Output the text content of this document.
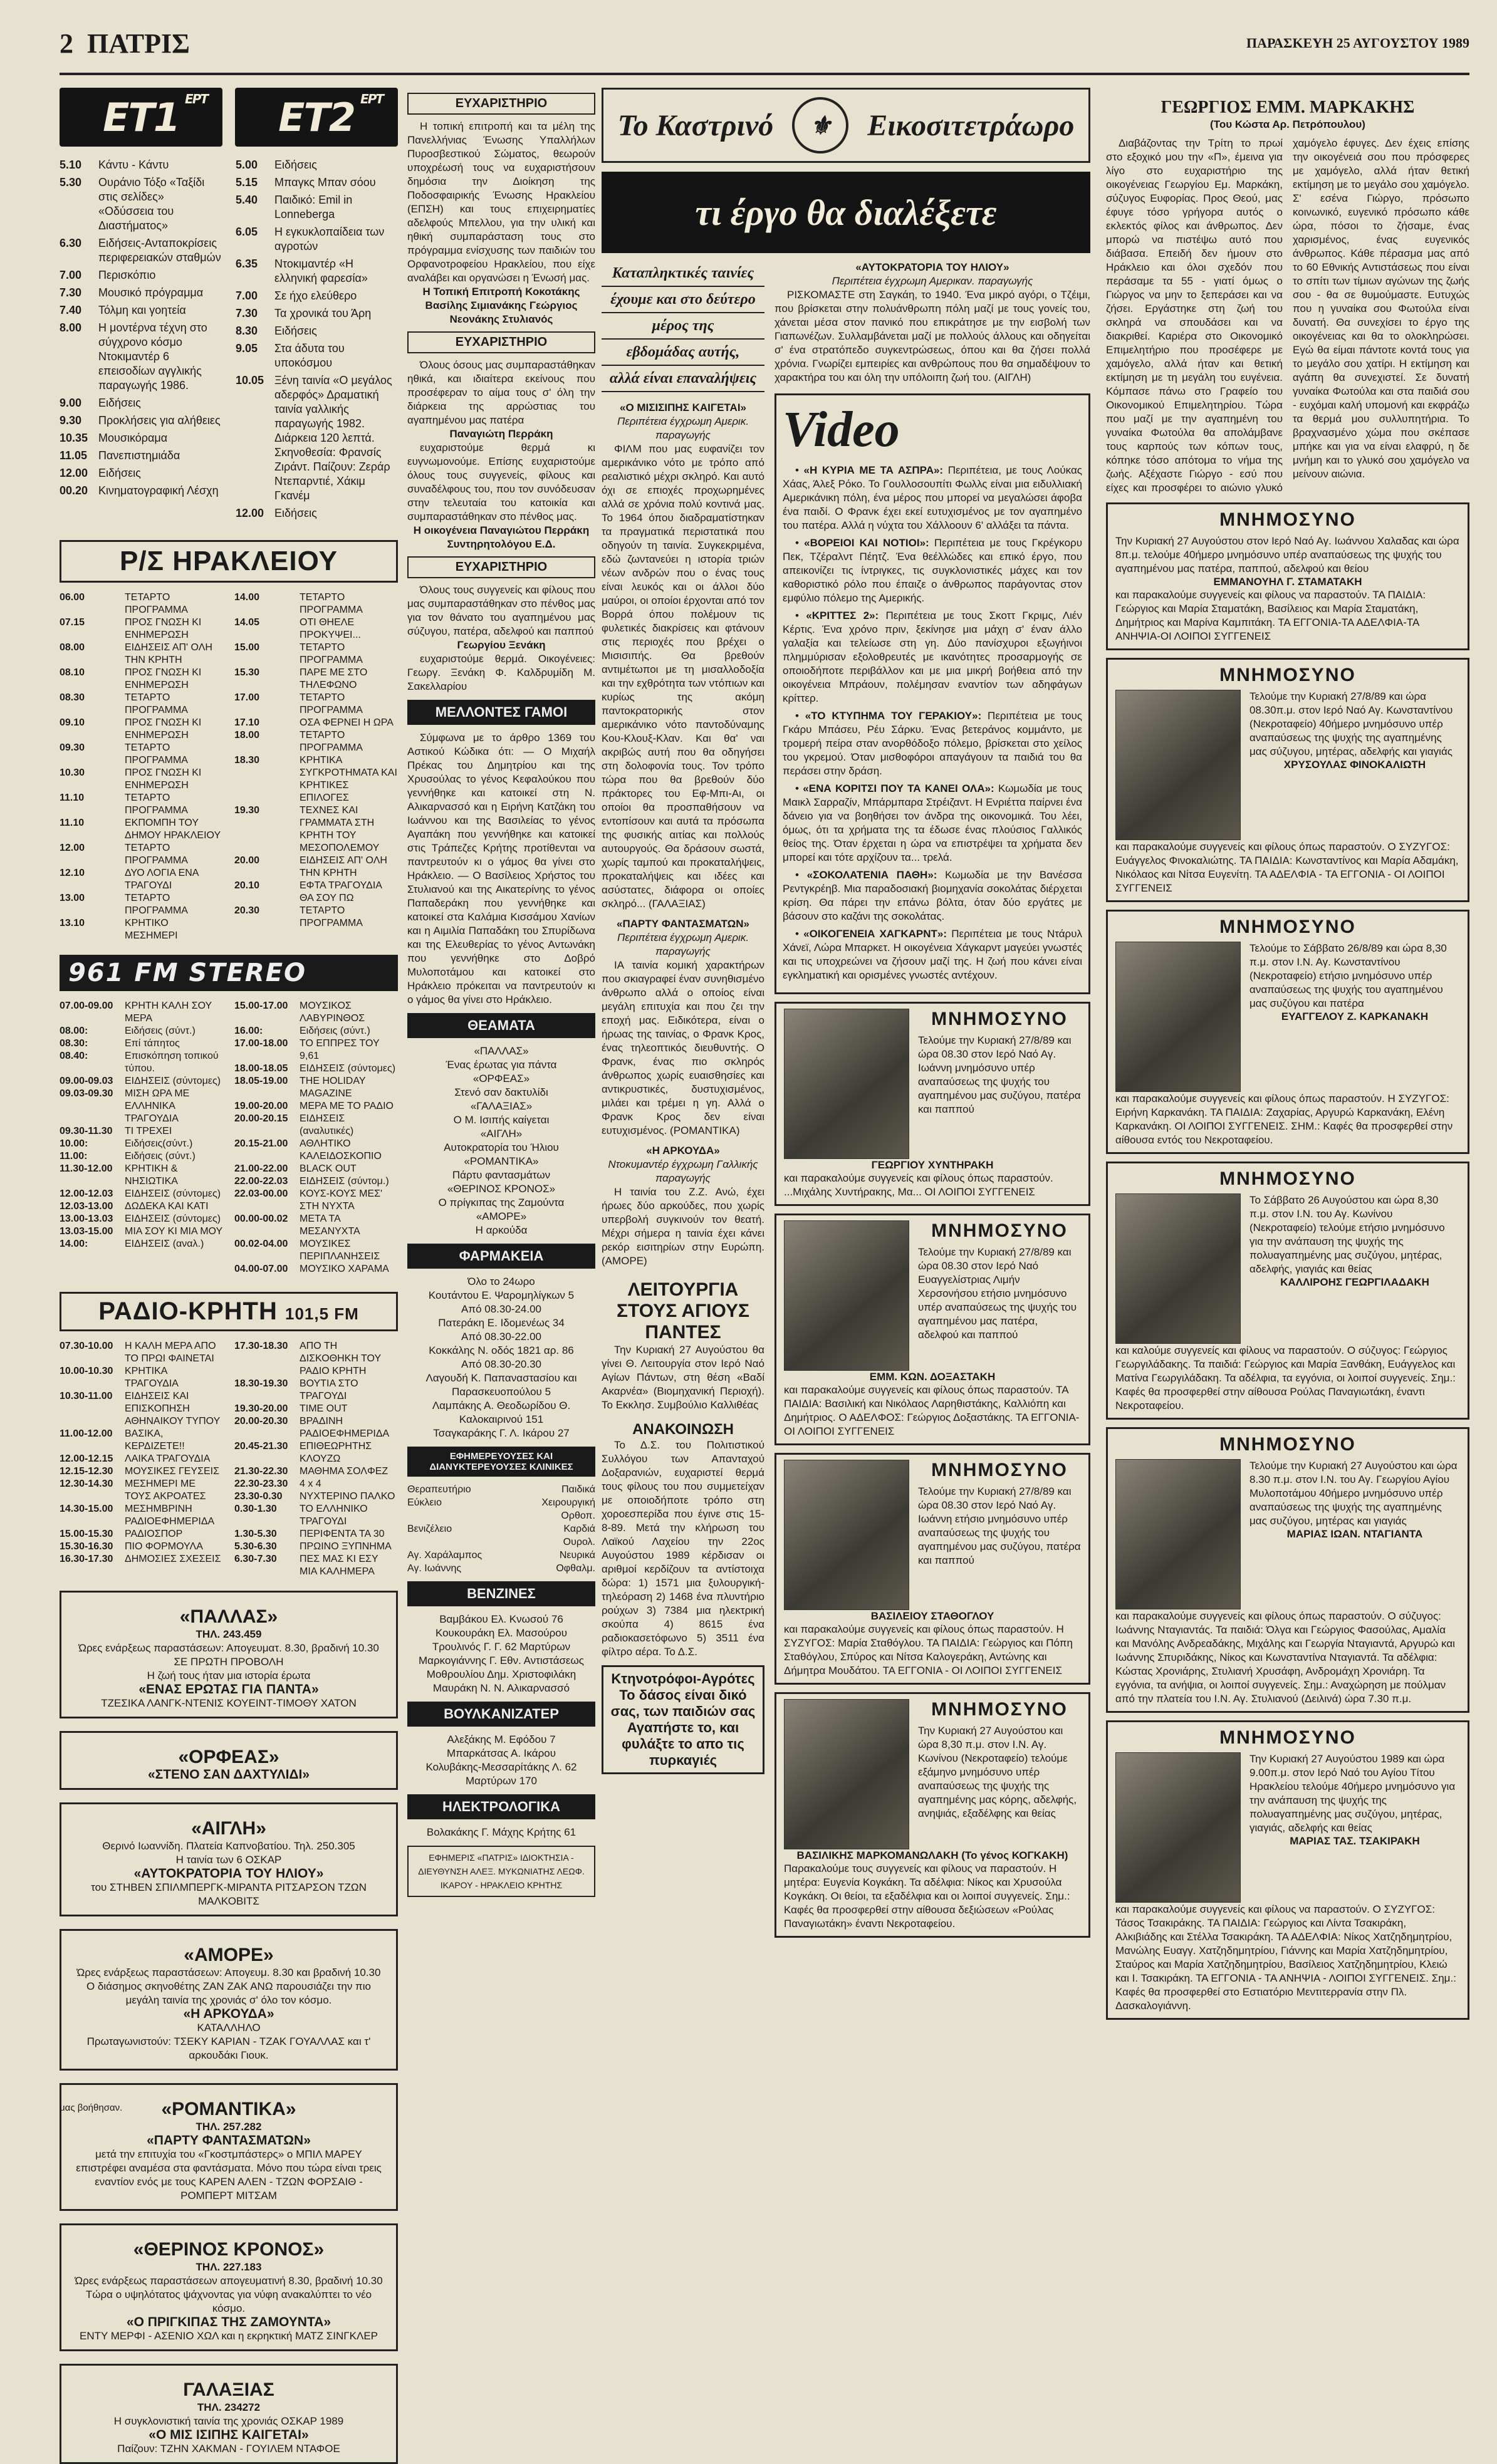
2 ΠΑΤΡΙΣ	ΠΑΡΑΣΚΕΥΗ 25 ΑΥΓΟΥΣΤΟΥ 1989
ΕΡΤ
ΕΤ1	ΕΡΤ
ΕΤ2
5.10	Κάντυ - Κάντυ
5.30	Ουράνιο Τόξο «Ταξίδι στις σελίδες» «Οδύσσεια του Διαστήματος»
6.30	Ειδήσεις-Ανταποκρίσεις περιφερειακών σταθμών
7.00	Περισκόπιο
7.30	Μουσικό πρόγραμμα
7.40	Τόλμη και γοητεία
8.00	Η μοντέρνα τέχνη στο σύγχρονο κόσμο Ντοκιμαντέρ 6 επεισοδίων αγγλικής παραγωγής 1986.
9.00	Ειδήσεις
9.30	Προκλήσεις για αλήθειες
10.35 Μουσικόραμα
11.05 Πανεπιστημιάδα
12.00 Ειδήσεις
00.20 Κινηματογραφική Λέσχη
5.00	Ειδήσεις
5.15	Μπαγκς Μπαν σόου
5.40	Παιδικό: Emil in Lonneberga
6.05	Η εγκυκλοπαίδεια των αγροτών
6.35	Ντοκιμαντέρ «Η ελληνική φαρεσία»
7.00	Σε ήχο ελεύθερο
7.30	Τα χρονικά του Άρη
8.30	Ειδήσεις
9.05	Στα άδυτα του υποκόσμου
10.05 Ξένη ταινία «Ο μεγάλος αδερφός» Δραματική ταινία γαλλικής παραγωγής 1982. Διάρκεια 120 λεπτά. Σκηνοθεσία: Φρανσίς Ζιράντ. Παίζουν: Ζεράρ Ντεπαρντιέ, Χάκιμ Γκανέμ
12.00 Ειδήσεις
Ρ/Σ ΗΡΑΚΛΕΙΟΥ
06.00	ΤΕΤΑΡΤΟ ΠΡΟΓΡΑΜΜΑ
07.15	ΠΡΟΣ ΓΝΩΣΗ ΚΙ ΕΝΗΜΕΡΩΣΗ
08.00	ΕΙΔΗΣΕΙΣ ΑΠ' ΟΛΗ ΤΗΝ ΚΡΗΤΗ
08.10	ΠΡΟΣ ΓΝΩΣΗ ΚΙ ΕΝΗΜΕΡΩΣΗ
08.30	ΤΕΤΑΡΤΟ ΠΡΟΓΡΑΜΜΑ
09.10	ΠΡΟΣ ΓΝΩΣΗ ΚΙ ΕΝΗΜΕΡΩΣΗ
09.30	ΤΕΤΑΡΤΟ ΠΡΟΓΡΑΜΜΑ
10.30	ΠΡΟΣ ΓΝΩΣΗ ΚΙ ΕΝΗΜΕΡΩΣΗ
11.10	ΤΕΤΑΡΤΟ ΠΡΟΓΡΑΜΜΑ
11.10	ΕΚΠΟΜΠΗ ΤΟΥ ΔΗΜΟΥ ΗΡΑΚΛΕΙΟΥ
12.00	ΤΕΤΑΡΤΟ ΠΡΟΓΡΑΜΜΑ
12.10	ΔΥΟ ΛΟΓΙΑ ΕΝΑ ΤΡΑΓΟΥΔΙ
13.00	ΤΕΤΑΡΤΟ ΠΡΟΓΡΑΜΜΑ
13.10	ΚΡΗΤΙΚΟ ΜΕΣΗΜΕΡΙ
14.00	ΤΕΤΑΡΤΟ ΠΡΟΓΡΑΜΜΑ
14.05	ΟΤΙ ΘΗΕΛΕ ΠΡΟΚΥΨΕΙ...
15.00	ΤΕΤΑΡΤΟ ΠΡΟΓΡΑΜΜΑ
15.30	ΠΑΡΕ ΜΕ ΣΤΟ ΤΗΛΕΦΩΝΟ
17.00	ΤΕΤΑΡΤΟ ΠΡΟΓΡΑΜΜΑ
17.10	ΟΣΑ ΦΕΡΝΕΙ Η ΩΡΑ
18.00	ΤΕΤΑΡΤΟ ΠΡΟΓΡΑΜΜΑ
18.30	ΚΡΗΤΙΚΑ ΣΥΓΚΡΟΤΗΜΑΤΑ ΚΑΙ ΚΡΗΤΙΚΕΣ ΕΠΙΛΟΓΕΣ
19.30	ΤΕΧΝΕΣ ΚΑΙ ΓΡΑΜΜΑΤΑ ΣΤΗ ΚΡΗΤΗ ΤΟΥ ΜΕΣΟΠΟΛΕΜΟΥ
20.00	ΕΙΔΗΣΕΙΣ ΑΠ' ΟΛΗ ΤΗΝ ΚΡΗΤΗ
20.10	ΕΦΤΑ ΤΡΑΓΟΥΔΙΑ ΘΑ ΣΟΥ ΠΩ
20.30	ΤΕΤΑΡΤΟ ΠΡΟΓΡΑΜΜΑ
961 FM STEREO
07.00-09.00	ΚΡΗΤΗ ΚΑΛΗ ΣΟΥ ΜΕΡΑ
08.00:	Ειδήσεις (σύντ.)
08.30:	Επί τάπητος
08.40:	Επισκόπηση τοπικού τύπου.
09.00-09.03	ΕΙΔΗΣΕΙΣ (σύντομες)
09.03-09.30	ΜΙΣΗ ΩΡΑ ΜΕ ΕΛΛΗΝΙΚΑ ΤΡΑΓΟΥΔΙΑ
09.30-11.30	ΤΙ ΤΡΕΧΕΙ
10.00:	Ειδήσεις(σύντ.)
11.00:	Ειδήσεις (σύντ.)
11.30-12.00	ΚΡΗΤΙΚΗ & ΝΗΣΙΩΤΙΚΑ
12.00-12.03	ΕΙΔΗΣΕΙΣ (σύντομες)
12.03-13.00	ΔΩΔΕΚΑ ΚΑΙ ΚΑΤΙ
13.00-13.03	ΕΙΔΗΣΕΙΣ (σύντομες)
13.03-15.00	ΜΙΑ ΣΟΥ ΚΙ ΜΙΑ ΜΟΥ
14.00:	ΕΙΔΗΣΕΙΣ (αναλ.)
15.00-17.00	ΜΟΥΣΙΚΟΣ ΛΑΒΥΡΙΝΘΟΣ
16.00:	Ειδήσεις (σύντ.)
17.00-18.00	ΤΟ ΕΠΠΡΕΣ ΤΟΥ 9,61
18.00-18.05	ΕΙΔΗΣΕΙΣ (σύντομες)
18.05-19.00	THE HOLIDAY MAGAZINE
19.00-20.00	ΜΕΡΑ ΜΕ ΤΟ ΡΑΔΙΟ
20.00-20.15	ΕΙΔΗΣΕΙΣ (αναλυτικές)
20.15-21.00	ΑΘΛΗΤΙΚΟ ΚΑΛΕΙΔΟΣΚΟΠΙΟ
21.00-22.00	BLACK OUT
22.00-22.03	ΕΙΔΗΣΕΙΣ (σύντομ.)
22.03-00.00	ΚΟΥΣ-ΚΟΥΣ ΜΕΣ' ΣΤΗ ΝΥΧΤΑ
00.00-00.02	ΜΕΤΑ ΤΑ ΜΕΣΑΝΥΧΤΑ
00.02-04.00	ΜΟΥΣΙΚΕΣ ΠΕΡΙΠΛΑΝΗΣΕΙΣ
04.00-07.00	ΜΟΥΣΙΚΟ ΧΑΡΑΜΑ
ΡΑΔΙΟ-ΚΡΗΤΗ 101,5 FM
07.30-10.00	Η ΚΑΛΗ ΜΕΡΑ ΑΠΟ ΤΟ ΠΡΩΙ ΦΑΙΝΕΤΑΙ
10.00-10.30	ΚΡΗΤΙΚΑ ΤΡΑΓΟΥΔΙΑ
10.30-11.00	ΕΙΔΗΣΕΙΣ ΚΑΙ ΕΠΙΣΚΟΠΗΣΗ ΑΘΗΝΑΙΚΟΥ ΤΥΠΟΥ
11.00-12.00	ΒΑΣΙΚΑ, ΚΕΡΔΙΖΕΤΕ!!
12.00-12.15	ΛΑΙΚΑ ΤΡΑΓΟΥΔΙΑ
12.15-12.30	ΜΟΥΣΙΚΕΣ ΓΕΥΣΕΙΣ
12.30-14.30	ΜΕΣΗΜΕΡΙ ΜΕ ΤΟΥΣ ΑΚΡΟΑΤΕΣ
14.30-15.00	ΜΕΣΗΜΒΡΙΝΗ ΡΑΔΙΟΕΦΗΜΕΡΙΔΑ
15.00-15.30	ΡΑΔΙΟΣΠΟΡ
15.30-16.30	ΠΙΟ ΦΟΡΜΟΥΛΑ
16.30-17.30	ΔΗΜΟΣΙΕΣ ΣΧΕΣΕΙΣ
17.30-18.30	ΑΠΟ ΤΗ ΔΙΣΚΟΘΗΚΗ ΤΟΥ ΡΑΔΙΟ ΚΡΗΤΗ
18.30-19.30	ΒΟΥΤΙΑ ΣΤΟ ΤΡΑΓΟΥΔΙ
19.30-20.00	TIME OUT
20.00-20.30	ΒΡΑΔΙΝΗ ΡΑΔΙΟΕΦΗΜΕΡΙΔΑ
20.45-21.30	ΕΠΙΘΕΩΡΗΤΗΣ ΚΛΟΥΖΩ
21.30-22.30	ΜΑΘΗΜΑ ΣΟΛΦΕΖ
22.30-23.30	4 x 4
23.30-0.30	ΝΥΧΤΕΡΙΝΟ ΠΑΛΚΟ
0.30-1.30	ΤΟ ΕΛΛΗΝΙΚΟ ΤΡΑΓΟΥΔΙ
1.30-5.30	ΠΕΡΙΦΕΝΤΑ ΤΑ 30
5.30-6.30	ΠΡΩΙΝΟ ΞΥΠΝΗΜΑ
6.30-7.30	ΠΕΣ ΜΑΣ ΚΙ ΕΣΥ ΜΙΑ ΚΑΛΗΜΕΡΑ
«ΠΑΛΛΑΣ»
ΤΗΛ. 243.459
Ώρες ενάρξεως παραστάσεων: Απογευματ. 8.30, βραδινή 10.30
ΣΕ ΠΡΩΤΗ ΠΡΟΒΟΛΗ
Η ζωή τους ήταν μια ιστορία έρωτα
«ΕΝΑΣ ΕΡΩΤΑΣ ΓΙΑ ΠΑΝΤΑ»
ΤΖΕΣΙΚΑ ΛΑΝΓΚ-ΝΤΕΝΙΣ ΚΟΥΕΙΝΤ-ΤΙΜΟΘΥ ΧΑΤΟΝ
«ΟΡΦΕΑΣ»
«ΣΤΕΝΟ ΣΑΝ ΔΑΧΤΥΛΙΔΙ»
«ΑΙΓΛΗ»
Θερινό Ιωαννίδη. Πλατεία Καπνοβατίου. Τηλ. 250.305
Η ταινία των 6 ΟΣΚΑΡ
«ΑΥΤΟΚΡΑΤΟΡΙΑ ΤΟΥ ΗΛΙΟΥ»
του ΣΤΗΒΕΝ ΣΠΙΛΜΠΕΡΓΚ-ΜΙΡΑΝΤΑ ΡΙΤΣΑΡΣΟΝ ΤΖΩΝ ΜΑΛΚΟΒΙΤΣ
«ΑΜΟΡΕ»
Ώρες ενάρξεως παραστάσεων: Απογευμ. 8.30 και βραδινή 10.30
Ο διάσημος σκηνοθέτης ΖΑΝ ΖΑΚ ΑΝΩ παρουσιάζει την πιο μεγάλη ταινία της χρονιάς σ' όλο τον κόσμο.
«Η ΑΡΚΟΥΔΑ»
ΚΑΤΑΛΛΗΛΟ
Πρωταγωνιστούν: ΤΣΕΚΥ ΚΑΡΙΑΝ - ΤΖΑΚ ΓΟΥΑΛΛΑΣ και τ' αρκουδάκι Γιουκ.
«ΡΟΜΑΝΤΙΚΑ»
ΤΗΛ. 257.282
«ΠΑΡΤΥ ΦΑΝΤΑΣΜΑΤΩΝ»
μετά την επιτυχία του «Γκοστμπάστερς» ο ΜΠΙΛ ΜΑΡΕΥ επιστρέφει αναμέσα στα φαντάσματα. Μόνο που τώρα είναι τρεις εναντίον ενός με τους ΚΑΡΕΝ ΑΛΕΝ - ΤΖΩΝ ΦΟΡΣΑΙΘ - ΡΟΜΠΕΡΤ ΜΙΤΣΑΜ
«ΘΕΡΙΝΟΣ ΚΡΟΝΟΣ»
ΤΗΛ. 227.183
Ώρες ενάρξεως παραστάσεων απογευματινή 8.30, βραδινή 10.30
Τώρα ο υψηλότατος ψάχνοντας για νύφη ανακαλύπτει το νέο κόσμο.
«Ο ΠΡΙΓΚΙΠΑΣ ΤΗΣ ΖΑΜΟΥΝΤΑ»
ΕΝΤΥ ΜΕΡΦΙ - ΑΣΕΝΙΟ ΧΩΛ και η εκρηκτική ΜΑΤΖ ΣΙΝΓΚΛΕΡ
ΓΑΛΑΞΙΑΣ
ΤΗΛ. 234272
Η συγκλονιστική ταινία της χρονιάς ΟΣΚΑΡ 1989
«Ο ΜΙΣ ΙΣΙΠΗΣ ΚΑΙΓΕΤΑΙ»
Παίζουν: ΤΖΗΝ ΧΑΚΜΑΝ - ΓΟΥΙΛΕΜ ΝΤΑΦΟΕ
ΕΥΧΑΡΙΣΤΗΡΙΟ
Η τοπική επιτροπή και τα μέλη της Πανελλήνιας Ένωσης Υπαλλήλων Πυροσβεστικού Σώματος, θεωρούν υποχρέωσή τους να ευχαριστήσουν δημόσια την Διοίκηση της Ποδοσφαιρικής Ένωσης Ηρακλείου (ΕΠΣΗ) και τους επιχειρηματίες αδελφούς Μπελλου, για την υλική και ηθική συμπαράσταση τους στο πρόγραμμα ενίσχυσης των παιδιών του Ορφανοτροφείου Ηρακλείου, που είχε αναλάβει και οργανώσει η Ένωσή μας.
Η Τοπική Επιτροπή Κοκοτάκης Βασίλης Σιμιανάκης Γεώργιος Νεονάκης Στυλιανός
ΕΥΧΑΡΙΣΤΗΡΙΟ
Όλους όσους μας συμπαραστάθηκαν ηθικά, και ιδιαίτερα εκείνους που προσέφεραν το αίμα τους σ' όλη την διάρκεια της αρρώστιας του αγαπημένου μας πατέρα
Παναγιώτη Περράκη
ευχαριστούμε θερμά κι ευγνωμονούμε. Επίσης ευχαριστούμε όλους τους συγγενείς, φίλους και συναδέλφους του, που τον συνόδευσαν στην τελευταία του κατοικία και συμπαραστάθηκαν στο πένθος μας.
Η οικογένεια Παναγιώτου Περράκη Συντηρητολόγου Ε.Δ.
ΕΥΧΑΡΙΣΤΗΡΙΟ
Όλους τους συγγενείς και φίλους που μας συμπαραστάθηκαν στο πένθος μας για τον θάνατο του αγαπημένου μας σύζυγου, πατέρα, αδελφού και παππού
Γεωργίου Ξενάκη
ευχαριστούμε θερμά. Οικογένειες: Γεωργ. Ξενάκη Φ. Καλδρυμίδη Μ. Σακελλαρίου
ΜΕΛΛΟΝΤΕΣ ΓΑΜΟΙ
Σύμφωνα με το άρθρο 1369 του Αστικού Κώδικα ότι: — Ο Μιχαήλ Πρέκας του Δημητρίου και της Χρυσούλας το γένος Κεφαλούκου που γεννήθηκε και κατοικεί στη Ν. Αλικαρνασσό και η Ειρήνη Κατζάκη του Ιωάννου και της Βασιλείας το γένος Αγαπάκη που γεννήθηκε και κατοικεί στις Τράπεζες Κρήτης προτίθενται να παντρευτούν κι ο γάμος θα γίνει στο Ηράκλειο. — Ο Βασίλειος Χρήστος του Στυλιανού και της Αικατερίνης το γένος Παπαδεράκη που γεννήθηκε και κατοικεί στα Καλάμια Κισσάμου Χανίων και η Αιμιλία Παπαδάκη του Σπυρίδωνα και της Ελευθερίας το γένος Αντωνάκη που γεννήθηκε στο Δοβρό Μυλοποτάμου και κατοικεί στο Ηράκλειο πρόκειται να παντρευτούν κι ο γάμος θα γίνει στο Ηράκλειο.
ΘΕΑΜΑΤΑ
«ΠΑΛΛΑΣ»
Ένας έρωτας για πάντα
«ΟΡΦΕΑΣ»
Στενό σαν δακτυλίδι
«ΓΑΛΑΞΙΑΣ»
Ο Μ. Ισιπής καίγεται
«ΑΙΓΛΗ»
Αυτοκρατορία του Ήλιου
«ΡΟΜΑΝΤΙΚΑ»
Πάρτυ φαντασμάτων
«ΘΕΡΙΝΟΣ ΚΡΟΝΟΣ»
Ο πρίγκιπας της Ζαμούντα
«ΑΜΟΡΕ»
Η αρκούδα
ΦΑΡΜΑΚΕΙΑ
Όλο το 24ωρο
Κουτάντου Ε. Ψαρομηλίγκων 5
Από 08.30-24.00
Πατεράκη Ε. Ιδομενέως 34
Από 08.30-22.00
Κοκκάλης Ν. οδός 1821 αρ. 86
Από 08.30-20.30
Λαγουδή Κ. Παπαναστασίου και Παρασκευοπούλου 5
Λαμπάκης Α. Θεοδωρίδου Θ. Καλοκαιρινού 151
Τσαγκαράκης Γ. Λ. Ικάρου 27
ΕΦΗΜΕΡΕΥΟΥΣΕΣ ΚΑΙ ΔΙΑΝΥΚΤΕΡΕΥΟΥΣΕΣ ΚΛΙΝΙΚΕΣ
Θεραπευτήριο	Παιδικά
Εύκλειο	Χειρουργική
Ορθοπ.
Βενιζέλειο	Καρδιά
Ουρολ.
Αγ. Χαράλαμπος	Νευρικά
Αγ. Ιωάννης	Οφθαλμ.
ΒΕΝΖΙΝΕΣ
Βαμβάκου Ελ. Κνωσού 76
Κουκουράκη Ελ. Μασούρου
Τρουλινός Γ. Γ. 62 Μαρτύρων
Μαρκογιάννης Γ. Εθν. Αντιστάσεως
Μοθρουλίου Δημ. Χριστοφιλάκη
Μαυράκη Ν. Ν. Αλικαρνασσό
ΒΟΥΛΚΑΝΙΖΑΤΕΡ
Αλεξάκης Μ. Εφόδου 7
Μπαρκάτσας Α. Ικάρου
Κολυβάκης-Μεσσαρίτάκης Λ. 62 Μαρτύρων 170
ΗΛΕΚΤΡΟΛΟΓΙΚΑ
Βολακάκης Γ. Μάχης Κρήτης 61
ΕΦΗΜΕΡΙΣ «ΠΑΤΡΙΣ» ΙΔΙΟΚΤΗΣΙΑ - ΔΙΕΥΘΥΝΣΗ ΑΛΕΞ. ΜΥΚΩΝΙΑΤΗΣ ΛΕΩΦ. ΙΚΑΡΟΥ - ΗΡΑΚΛΕΙΟ ΚΡΗΤΗΣ
Το Καστρινό	⚜	Εικοσιτετράωρο
τι έργο θα διαλέξετε
Καταπληκτικές ταινίες
έχουμε και στο δεύτερο
μέρος της
εβδομάδας αυτής,
αλλά είναι επαναλήψεις
«Ο ΜΙΣΙΣΙΠΗΣ ΚΑΙΓΕΤΑΙ»
Περιπέτεια έγχρωμη Αμερικ. παραγωγής
ΦΙΛΜ που μας ευφανίζει τον αμερικάνικο νότο με τρόπο από ρεαλιστικό μέχρι σκληρό. Και αυτό όχι σε επιοχές προχωρημένες αλλά σε χρόνια πολύ κοντινά μας. Το 1964 όπου διαδραματίστηκαν τα πραγματικά περιστατικά που οδηγούν τη ταινία. Συγκεκριμένα, εδώ ζωντανεύει η ιστορία τριών νέων ανδρών που ο ένας τους είναι λευκός και οι άλλοι δύο μαύροι, οι οποίοι έρχονται από τον Βορρά όπου πολέμουν τις φυλετικές διακρίσεις και φτάνουν στις περιοχές που βρέχει ο Μισισιπής. Θα βρεθούν αντιμέτωποι με τη μισαλλοδοξία και την εχθρότητα των ντόπιων και κυρίως της ακόμη παντοκρατορικής στον αμερικάνικο νότο παντοδύναμης Κου-Κλουξ-Κλαν. Και θα' ναι ακριβώς αυτή που θα οδηγήσει στη δολοφονία τους. Τον τρόπο τώρα που θα βρεθούν δύο πράκτορες του Εφ-Μπι-Αι, οι οποίοι θα προσπαθήσουν να εντοπίσουν και αυτά τα πρόσωπα της φυσικής αιτίας και πολλούς αυτουργούς. Θα δράσουν σωστά, χωρίς ταμπού και προκαταλήψεις, προκαταλήψεις και ιδέες και ασύστατες, διάφορα οι οποίες σκληρό... (ΓΑΛΑΞΙΑΣ)
«ΠΑΡΤΥ ΦΑΝΤΑΣΜΑΤΩΝ»
Περιπέτεια έγχρωμη Αμερικ. παραγωγής
ΙΑ ταινία κομική χαρακτήρων που σκιαγραφεί έναν συνηθισμένο άνθρωπο αλλά ο οποίος είναι μεγάλη επιτυχία και που ζει την εποχή μας. Ειδικότερα, είναι ο ήρωας της ταινίας, ο Φρανκ Κρος, ένας τηλεοπτικός διευθυντής. Ο Φρανκ, ένας πιο σκληρός άνθρωπος χωρίς ευαισθησίες και αντικρυστικές, δυστυχισμένος, μιλάει και τρέμει η γη. Αλλά ο Φρανκ Κρος δεν είναι ευτυχισμένος. (ΡΟΜΑΝΤΙΚΑ)
«Η ΑΡΚΟΥΔΑ»
Ντοκυμαντέρ έγχρωμη Γαλλικής παραγωγής
Η ταινία του Ζ.Ζ. Ανώ, έχει ήρωες δύο αρκούδες, που χωρίς υπερβολή συγκινούν τον θεατή. Μέχρι σήμερα η ταινία έχει κάνει ρεκόρ εισιτηρίων στην Ευρώπη. (ΑΜΟΡΕ)
ΛΕΙΤΟΥΡΓΙΑ ΣΤΟΥΣ ΑΓΙΟΥΣ ΠΑΝΤΕΣ
Την Κυριακή 27 Αυγούστου θα γίνει Θ. Λειτουργία στον Ιερό Ναό Αγίων Πάντων, στη θέση «Βαδί Ακαρνέα» (Βιομηχανική Περιοχή). Το Εκκλησ. Συμβούλιο Καλλιθέας
ΑΝΑΚΟΙΝΩΣΗ
Το Δ.Σ. του Πολιτιστικού Συλλόγου των Απανταχού Δοξαρανιών, ευχαριστεί θερμά τους φίλους του που συμμετείχαν με οποιοδήποτε τρόπο στη χοροεσπερίδα που έγινε στις 15-8-89. Μετά την κλήρωση του Λαϊκού Λαχείου την 22ος Αυγούστου 1989 κέρδισαν οι αριθμοί κερδίζουν τα αντίστοιχα δώρα: 1) 1571 μια ξυλουργική-τηλεόραση 2) 1468 ένα πλυντήριο ρούχων 3) 7384 μια ηλεκτρική σκούπα 4) 8615 ένα ραδιοκασετόφωνο 5) 3511 ένα φίλτρο αέρα. Το Δ.Σ.
Κτηνοτρόφοι-Αγρότες Το δάσος είναι δικό σας, των παιδιών σας Αγαπήστε το, και φυλάξτε το απο τις πυρκαγιές
«ΑΥΤΟΚΡΑΤΟΡΙΑ ΤΟΥ ΗΛΙΟΥ»
Περιπέτεια έγχρωμη Αμερικαν. παραγωγής
ΡΙΣΚΟΜΑΣΤΕ στη Σαγκάη, το 1940. Ένα μικρό αγόρι, ο Τζέιμι, που βρίσκεται στην πολυάνθρωπη πόλη μαζί με τους γονείς του, χάνεται μέσα στον πανικό που επικράτησε με την εισβολή των Γιαπωνέζων. Συλλαμβάνεται μαζί με πολλούς άλλους και οδηγείται σ' ένα στρατόπεδο συγκεντρώσεως, όπου και θα ζήσει πολλά χρόνια. Γνωρίζει εμπειρίες και ανθρώπους που θα σημαδέψουν το χαρακτήρα του και όλη την υπόλοιπη ζωή του. (ΑΙΓΛΗ)
Video
• «Η ΚΥΡΙΑ ΜΕ ΤΑ ΑΣΠΡΑ»: Περιπέτεια, με τους Λούκας Χάας, Άλεξ Ρόκο. Το Γουλλοσουπίτι Φωλλς είναι μια ειδυλλιακή Αμερικάνικη πόλη, ένα μέρος που μπορεί να μεγαλώσει άφοβα ένα παιδί. Ο Φρανκ έχει εκεί ευτυχισμένος με τον αγαπημένο του πατέρα. Αλλά η νύχτα του Χάλλοουν 6' αλλάξει τα πάντα.
• «ΒΟΡΕΙΟΙ ΚΑΙ ΝΟΤΙΟΙ»: Περιπέτεια με τους Γκρέγκορυ Πεκ, Τζέραλντ Πέητζ. Ένα θεέλλώδες και επικό έργο, που απεικονίζει τις ίντριγκες, τις συγκλονιστικές μάχες και τον καθοριστικό ρόλο που έπαιζε ο άνθρωπος παράγοντας στον εμφύλιο πόλεμο της Αμερικής.
• «ΚΡΙΤΤΕΣ 2»: Περιπέτεια με τους Σκοττ Γκριμς, Λιέν Κέρτις. Ένα χρόνο πριν, ξεκίνησε μια μάχη σ' έναν άλλο γαλαξία και τελείωσε στη γη. Δύο πανίσχυροι εξωγήινοι πλημμύρισαν εξολοθρευτές με ικανότητες προσαρμογής σε οποιοδήποτε περιβάλλον και με μια μικρή βοήθεια από την οικογένεια Μπράουν, πολέμησαν εναντίον των αδηφάγων κρίττερ.
• «ΤΟ ΚΤΥΠΗΜΑ ΤΟΥ ΓΕΡΑΚΙΟΥ»: Περιπέτεια με τους Γκάρυ Μπάσευ, Ρέυ Σάρκυ. Ένας βετεράνος κομμάντο, με τρομερή πείρα σταν ανορθόδοξο πόλεμο, βρίσκεται στο χείλος του γκρεμού. Όταν μισθοφόροι απαγάγουν τα παιδιά του θα περάσει στην δράση.
• «ΕΝΑ ΚΟΡΙΤΣΙ ΠΟΥ ΤΑ ΚΑΝΕΙ ΟΛΑ»: Κωμωδία με τους Μαικλ Σαρραζίν, Μπάρμπαρα Στρέιζαντ. Η Ενριέττα παίρνει ένα δάνειο για να βοηθήσει τον άνδρα της οικονομικά. Του λέει, όμως, ότι τα χρήματα της τα έδωσε ένας πλούσιος Γαλλικός θείος της. Όταν έρχεται η ώρα να επιστρέψει τα χρήματα δεν μπορεί και τότε αρχίζουν τα... τρελά.
• «ΣΟΚΟΛΑΤΕΝΙΑ ΠΑΘΗ»: Κωμωδία με την Βανέσσα Ρεντγκρέηβ. Μια παραδοσιακή βιομηχανία σοκολάτας διέρχεται κρίση. Θα πάρει την επάνω βόλτα, όταν δύο εργάτες με βάσουν στο καζάνι της σοκολάτας.
• «ΟΙΚΟΓΕΝΕΙΑ ΧΑΓΚΑΡΝΤ»: Περιπέτεια με τους Ντάρυλ Χάνεϊ, Λώρα Μπαρκετ. Η οικογένεια Χάγκαρντ μαγεύει γνωστές και τις υποχρεώνει να ζήσουν μαζί της. Η ζωή που κάνει είναι εγκληματική και ορισμένες γνωστές αντέχουν.
ΜΝΗΜΟΣΥΝΟ
Τελούμε την Κυριακή 27/8/89 και ώρα 08.30 στον Ιερό Ναό Αγ. Ιωάννη μνημόσυνο υπέρ αναπαύσεως της ψυχής του αγαπημένου μας συζύγου, πατέρα και παππού
ΓΕΩΡΓΙΟΥ ΧΥΝΤΗΡΑΚΗ
και παρακαλούμε συγγενείς και φίλους όπως παραστούν. ...Μιχάλης Χυντήρακης, Μα... ΟΙ ΛΟΙΠΟΙ ΣΥΓΓΕΝΕΙΣ
ΜΝΗΜΟΣΥΝΟ
Τελούμε την Κυριακή 27/8/89 και ώρα 08.30 στον Ιερό Ναό Ευαγγελίστριας Λιμήν Χερσονήσου ετήσιο μνημόσυνο υπέρ αναπαύσεως της ψυχής του αγαπημένου μας πατέρα, αδελφού και παππού
ΕΜΜ. ΚΩΝ. ΔΟΞΑΣΤΑΚΗ
και παρακαλούμε συγγενείς και φίλους όπως παραστούν. ΤΑ ΠΑΙΔΙΑ: Βασιλική και Νικόλαος Λαρηθιστάκης, Καλλιόπη και Δημήτριος. Ο ΑΔΕΛΦΟΣ: Γεώργιος Δοξαστάκης. ΤΑ ΕΓΓΟΝΙΑ-ΟΙ ΛΟΙΠΟΙ ΣΥΓΓΕΝΕΙΣ
ΜΝΗΜΟΣΥΝΟ
Τελούμε την Κυριακή 27/8/89 και ώρα 08.30 στον Ιερό Ναό Αγ. Ιωάννη ετήσιο μνημόσυνο υπέρ αναπαύσεως της ψυχής του αγαπημένου μας συζύγου, πατέρα και παππού
ΒΑΣΙΛΕΙΟΥ ΣΤΑΘΟΓΛΟΥ
και παρακαλούμε συγγενείς και φίλους όπως παραστούν. Η ΣΥΖΥΓΟΣ: Μαρία Σταθόγλου. ΤΑ ΠΑΙΔΙΑ: Γεώργιος και Πόπη Σταθόγλου, Σπύρος και Νίτσα Καλογεράκη, Αντώνης και Δήμητρα Μουδάτου. ΤΑ ΕΓΓΟΝΙΑ - ΟΙ ΛΟΙΠΟΙ ΣΥΓΓΕΝΕΙΣ
ΜΝΗΜΟΣΥΝΟ
Την Κυριακή 27 Αυγούστου και ώρα 8,30 π.μ. στον Ι.Ν. Αγ. Κωνίνου (Νεκροταφείο) τελούμε εξάμηνο μνημόσυνο υπέρ αναπαύσεως της ψυχής της αγαπημένης μας κόρης, αδελφής, ανηψιάς, εξαδέλφης και θείας
ΒΑΣΙΛΙΚΗΣ ΜΑΡΚΟΜΑΝΩΛΑΚΗ (Το γένος ΚΟΓΚΑΚΗ)
Παρακαλούμε τους συγγενείς και φίλους να παραστούν. Η μητέρα: Ευγενία Κογκάκη. Τα αδέλφια: Νίκος και Χρυσούλα Κογκάκη. Οι θείοι, τα εξαδέλφια και οι λοιποί συγγενείς. Σημ.: Καφές θα προσφερθεί στην αίθουσα δεξιώσεων «Ρούλας Παναγιωτάκη» έναντι Νεκροταφείου.
ΓΕΩΡΓΙΟΣ ΕΜΜ. ΜΑΡΚΑΚΗΣ
(Του Κώστα Αρ. Πετρόπουλου)
Διαβάζοντας την Τρίτη το πρωί στο εξοχικό μου την «Π», έμεινα για λίγο στο ευχαριστήριο της οικογένειας Γεωργίου Εμ. Μαρκάκη, σύζυγος Ευφορίας. Προς Θεού, μας έφυγε τόσο γρήγορα αυτός ο εκλεκτός φίλος και άνθρωπος. Δεν μπορώ να πιστέψω αυτό που διάβασα. Επειδή δεν ήμουν στο Ηράκλειο και όλοι σχεδόν που περάσαμε τα 55 - γιατί όμως ο Γιώργος να μην το ξεπεράσει και να ζήσει. Εργάστηκε στη ζωή του σκληρά να σπουδάσει και να διακριθεί. Καριέρα στο Οικονομικό Επιμελητήριο που προσέφερε με χαμόγελο, αλλά ήταν και θετική εκτίμηση με τη μεγάλη του ευγένεια. Κόμπασε πάνω στο Γραφείο του Οικονομικού Επιμελητηρίου. Τώρα που μαζί με την αγαπημένη του γυναίκα Φωτούλα θα απολάμβανε τους καρπούς των κόπων τους, κόπηκε τόσο απότομα το νήμα της ζωής. Αξέχαστε Γιώργο - εσύ που είχες και προσφέρει το αιώνιο γλυκό χαμόγελο έφυγες. Δεν έχεις επίσης την οικογένειά σου που πρόσφερες με χαμόγελο, αλλά ήταν θετική εκτίμηση με το μεγάλο σου χαμόγελο. Σ' εσένα Γιώργο, πρόσωπο κοινωνικό, ευγενικό πρόσωπο κάθε ώρα, πόσοι το ζήσαμε, ένας χαρισμένος, ένας ευγενικός άνθρωπος. Κάθε πέρασμα μας από το 60 Εθνικής Αντιστάσεως που είναι το σπίτι των τίμιων αγώνων της ζωής σου - θα σε θυμούμαστε. Ευτυχώς που η γυναίκα σου Φωτούλα είναι δυνατή. Θα συνεχίσει το έργο της οικογένειας και θα το ολοκληρώσει. Εγώ θα είμαι πάντοτε κοντά τους για το μεγάλο σου χατίρι. Η εκτίμηση και αγάπη θα συνεχιστεί. Σε δυνατή γυναίκα Φωτούλα και στα παιδιά σου - ευχόμαι καλή υπομονή και εκφράζω τα θερμά μου συλλυπητήρια. Το βραχνασμένο χώμα που σκέπασε μπήκε και για να είναι ελαφρύ, η δε μνήμη και το γλυκό σου χαμόγελο να μείνουν αιώνια.
ΜΝΗΜΟΣΥΝΟ
Την Κυριακή 27 Αυγούστου στον Ιερό Ναό Αγ. Ιωάννου Χαλαδας και ώρα 8π.μ. τελούμε 40ήμερο μνημόσυνο υπέρ αναπαύσεως της ψυχής του αγαπημένου μας πατέρα, παππού, αδελφού και θείου
ΕΜΜΑΝΟΥΗΛ Γ. ΣΤΑΜΑΤΑΚΗ
και παρακαλούμε συγγενείς και φίλους να παραστούν. ΤΑ ΠΑΙΔΙΑ: Γεώργιος και Μαρία Σταματάκη, Βασίλειος και Μαρία Σταματάκη, Δημήτριος και Μαρίνα Καμπιτάκη. ΤΑ ΕΓΓΟΝΙΑ-ΤΑ ΑΔΕΛΦΙΑ-ΤΑ ΑΝΗΨΙΑ-ΟΙ ΛΟΙΠΟΙ ΣΥΓΓΕΝΕΙΣ
ΜΝΗΜΟΣΥΝΟ
Τελούμε την Κυριακή 27/8/89 και ώρα 08.30π.μ. στον Ιερό Ναό Αγ. Κωνσταντίνου (Νεκροταφείο) 40ήμερο μνημόσυνο υπέρ αναπαύσεως της ψυχής της αγαπημένης μας σύζυγου, μητέρας, αδελφής και γιαγιάς
ΧΡΥΣΟΥΛΑΣ ΦΙΝΟΚΑΛΙΩΤΗ
και παρακαλούμε συγγενείς και φίλους όπως παραστούν. Ο ΣΥΖΥΓΟΣ: Ευάγγελος Φινοκαλιώτης. ΤΑ ΠΑΙΔΙΑ: Κωνσταντίνος και Μαρία Αδαμάκη, Νικόλαος και Νίτσα Ευγενίτη. ΤΑ ΑΔΕΛΦΙΑ - ΤΑ ΕΓΓΟΝΙΑ - ΟΙ ΛΟΙΠΟΙ ΣΥΓΓΕΝΕΙΣ
ΜΝΗΜΟΣΥΝΟ
Τελούμε το Σάββατο 26/8/89 και ώρα 8,30 π.μ. στον Ι.Ν. Αγ. Κωνσταντίνου (Νεκροταφείο) ετήσιο μνημόσυνο υπέρ αναπαύσεως της ψυχής του αγαπημένου μας συζύγου και πατέρα
ΕΥΑΓΓΕΛΟΥ Ζ. ΚΑΡΚΑΝΑΚΗ
και παρακαλούμε συγγενείς και φίλους όπως παραστούν. Η ΣΥΖΥΓΟΣ: Ειρήνη Καρκανάκη. ΤΑ ΠΑΙΔΙΑ: Ζαχαρίας, Αργυρώ Καρκανάκη, Ελένη Καρκανάκη. ΟΙ ΛΟΙΠΟΙ ΣΥΓΓΕΝΕΙΣ. ΣΗΜ.: Καφές θα προσφερθεί στην αίθουσα εντός του Νεκροταφείου.
ΜΝΗΜΟΣΥΝΟ
Το Σάββατο 26 Αυγούστου και ώρα 8,30 π.μ. στον Ι.Ν. του Αγ. Κωνίνου (Νεκροταφείο) τελούμε ετήσιο μνημόσυνο για την ανάπαυση της ψυχής της πολυαγαπημένης μας συζύγου, μητέρας, αδελφής, γιαγιάς και θείας
ΚΑΛΛΙΡΟΗΣ ΓΕΩΡΓΙΛΑΔΑΚΗ
και καλούμε συγγενείς και φίλους να παραστούν. Ο σύζυγος: Γεώργιος Γεωργιλάδακης. Τα παιδιά: Γεώργιος και Μαρία Ξανθάκη, Ευάγγελος και Ματίνα Γεωργιλάδακη. Τα αδέλφια, τα εγγόνια, οι λοιποί συγγενείς. Σημ.: Καφές θα προσφερθεί στην αίθουσα Ρούλας Παναγιωτάκη, έναντι Νεκροταφείου.
ΜΝΗΜΟΣΥΝΟ
Τελούμε την Κυριακή 27 Αυγούστου και ώρα 8.30 π.μ. στον Ι.Ν. του Αγ. Γεωργίου Αγίου Μυλοποτάμου 40ήμερο μνημόσυνο υπέρ αναπαύσεως της ψυχής της αγαπημένης μας συζύγου, μητέρας και γιαγιάς
ΜΑΡΙΑΣ ΙΩΑΝ. ΝΤΑΓΙΑΝΤΑ
και παρακαλούμε συγγενείς και φίλους όπως παραστούν. Ο σύζυγος: Ιωάννης Νταγιαντάς. Τα παιδιά: Όλγα και Γεώργιος Φασούλας, Αμαλία και Μανόλης Ανδρεαδάκης, Μιχάλης και Γεωργία Νταγιαντά, Αργυρώ και Ιωάννης Σπυριδάκης, Νίκος και Κωνσταντίνα Νταγιαντά. Τα αδέλφια: Κώστας Χρονιάρης, Στυλιανή Χρυσάφη, Ανδρομάχη Χρονιάρη. Τα εγγόνια, τα ανήψια, οι λοιποί συγγενείς. Σημ.: Αναχώρηση με πούλμαν από την πλατεία του Ι.Ν. Αγ. Στυλιανού (Δειλινά) ώρα 7.30 π.μ.
ΜΝΗΜΟΣΥΝΟ
Την Κυριακή 27 Αυγούστου 1989 και ώρα 9.00π.μ. στον Ιερό Ναό του Αγίου Τίτου Ηρακλείου τελούμε 40ήμερο μνημόσυνο για την ανάπαυση της ψυχής της πολυαγαπημένης μας συζύγου, μητέρας, γιαγιάς, αδελφής και θείας
ΜΑΡΙΑΣ ΤΑΣ. ΤΣΑΚΙΡΑΚΗ
και παρακαλούμε συγγενείς και φίλους να παραστούν. Ο ΣΥΖΥΓΟΣ: Τάσος Τσακιράκης. ΤΑ ΠΑΙΔΙΑ: Γεώργιος και Λίντα Τσακιράκη, Αλκιβιάδης και Στέλλα Τσακιράκη. ΤΑ ΑΔΕΛΦΙΑ: Νίκος Χατζηδημητρίου, Μανώλης Ευαγγ. Χατζηδημητρίου, Γιάννης και Μαρία Χατζηδημητρίου, Σταύρος και Μαρία Χατζηδημητρίου, Βασίλειος Χατζηδημητρίου, Κλειώ και Ι. Τσακιράκη. ΤΑ ΕΓΓΟΝΙΑ - ΤΑ ΑΝΗΨΙΑ - ΛΟΙΠΟΙ ΣΥΓΓΕΝΕΙΣ. Σημ.: Καφές θα προσφερθεί στο Εστιατόριο Μεντιτερρανία στην Πλ. Δασκαλογιάννη.
μας βοήθησαν.
